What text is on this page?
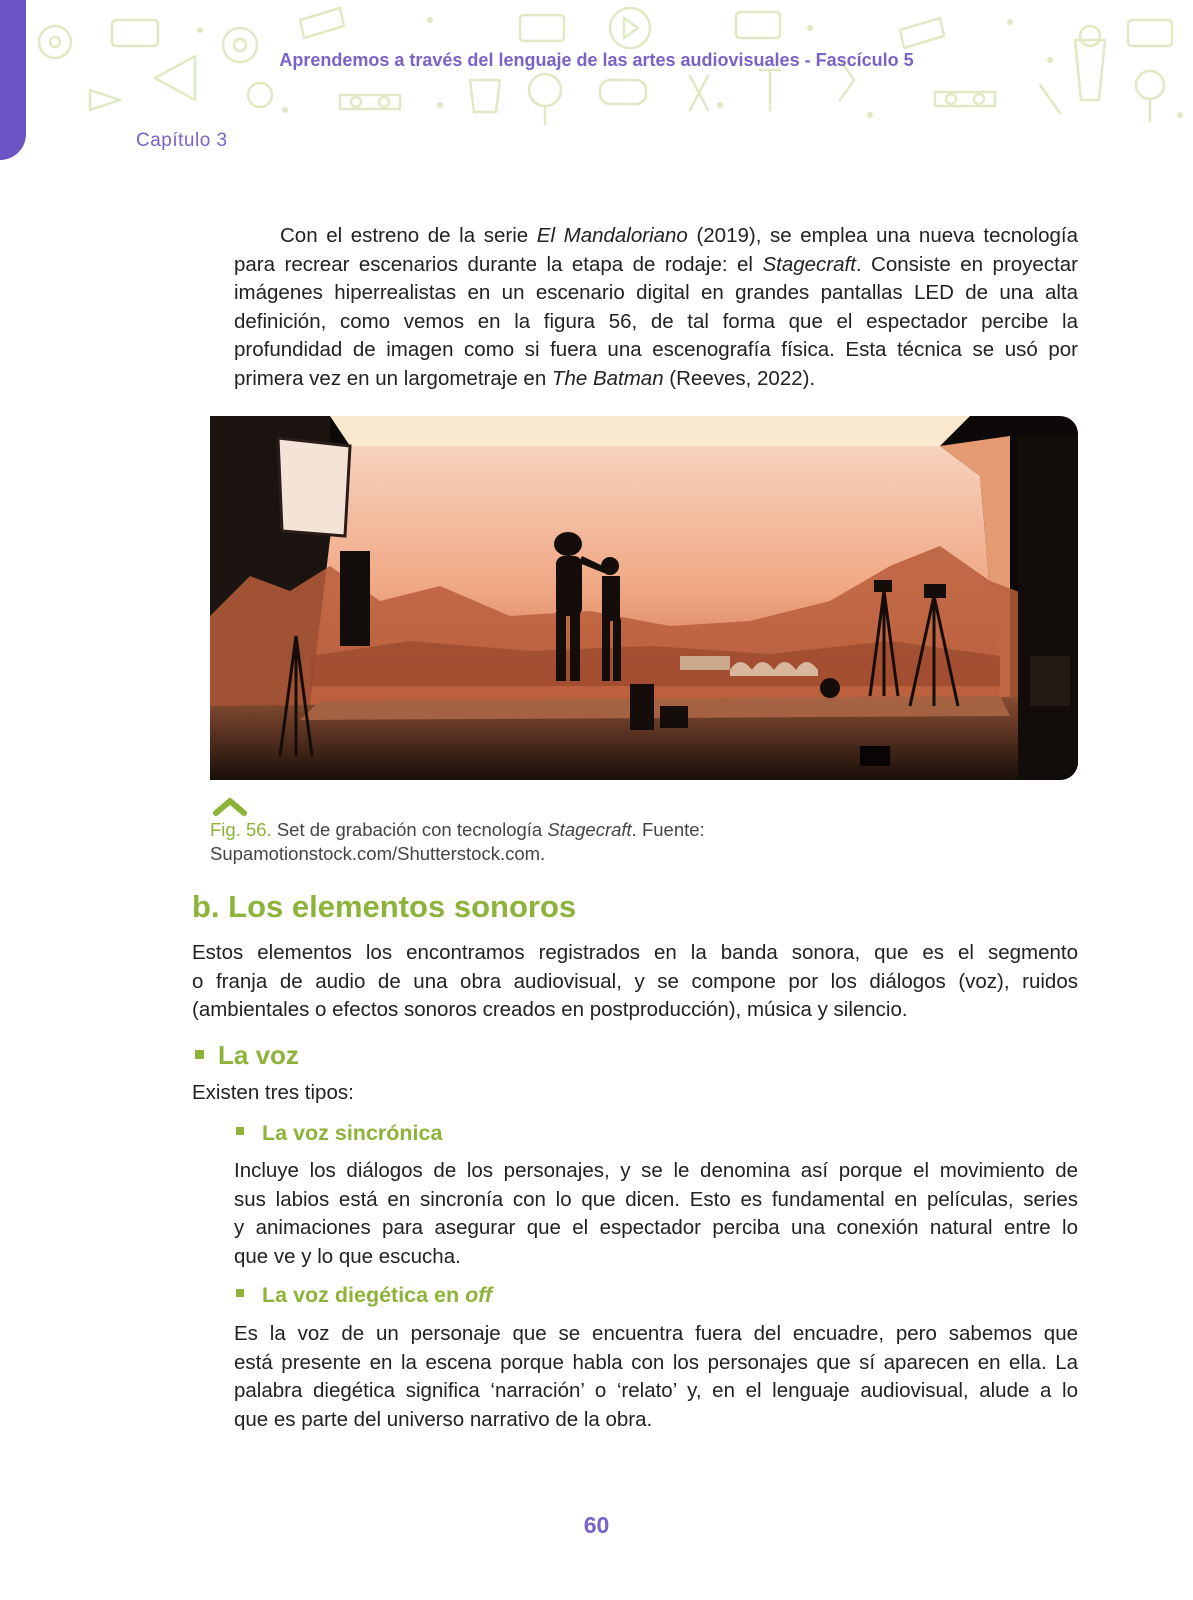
Aprendemos a través del lenguaje de las artes audiovisuales - Fascículo 5
Capítulo 3
Con el estreno de la serie El Mandaloriano (2019), se emplea una nueva tecnología
para recrear escenarios durante la etapa de rodaje: el Stagecraft. Consiste en proyectar
imágenes hiperrealistas en un escenario digital en grandes pantallas LED de una alta
definición, como vemos en la figura 56, de tal forma que el espectador percibe la
profundidad de imagen como si fuera una escenografía física. Esta técnica se usó por
primera vez en un largometraje en The Batman (Reeves, 2022).
Fig. 56. Set de grabación con tecnología Stagecraft. Fuente:
Supamotionstock.com/Shutterstock.com.
b. Los elementos sonoros
Estos elementos los encontramos registrados en la banda sonora, que es el segmento
o franja de audio de una obra audiovisual, y se compone por los diálogos (voz), ruidos
(ambientales o efectos sonoros creados en postproducción), música y silencio.
La voz
Existen tres tipos:
La voz sincrónica
Incluye los diálogos de los personajes, y se le denomina así porque el movimiento de
sus labios está en sincronía con lo que dicen. Esto es fundamental en películas, series
y animaciones para asegurar que el espectador perciba una conexión natural entre lo
que ve y lo que escucha.
La voz diegética en off
Es la voz de un personaje que se encuentra fuera del encuadre, pero sabemos que
está presente en la escena porque habla con los personajes que sí aparecen en ella. La
palabra diegética significa ‘narración’ o ‘relato’ y, en el lenguaje audiovisual, alude a lo
que es parte del universo narrativo de la obra.
60
